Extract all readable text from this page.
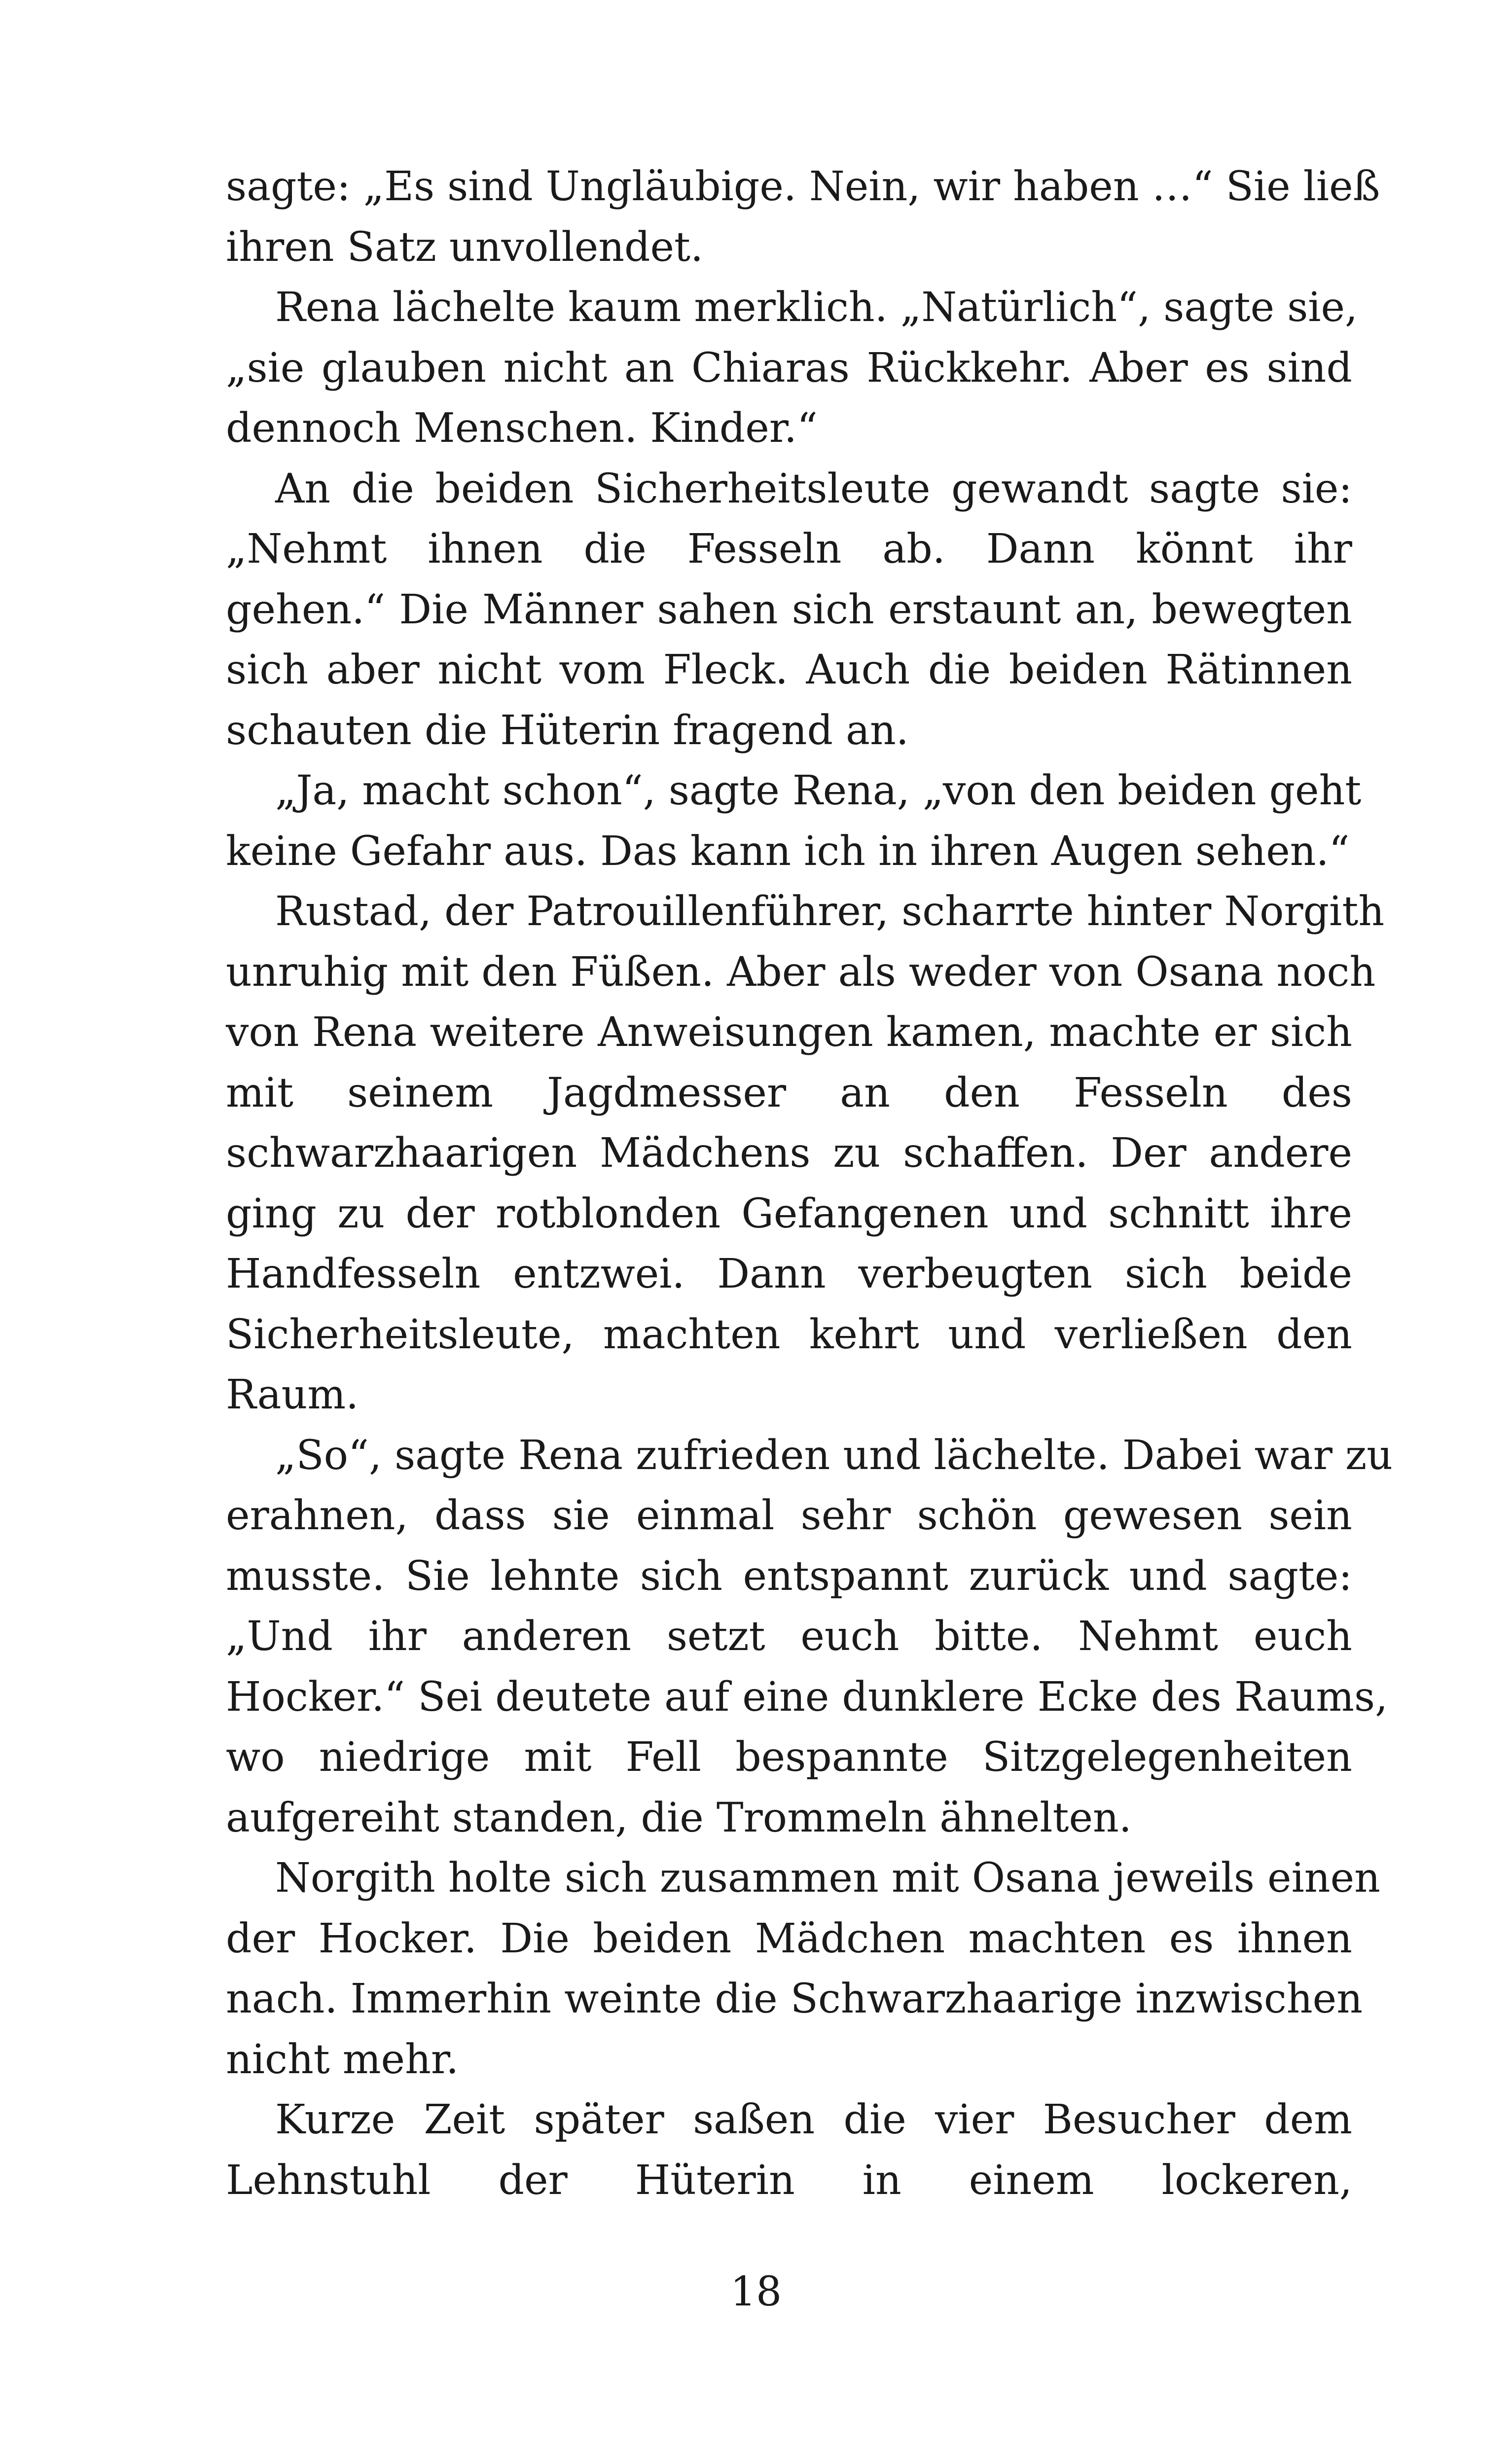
sagte: „Es sind Ungläubige. Nein, wir haben …“ Sie ließ
ihren Satz unvollendet.
Rena lächelte kaum merklich. „Natürlich“, sagte sie,
„sie glauben nicht an Chiaras Rückkehr. Aber es sind
dennoch Menschen. Kinder.“
An die beiden Sicherheitsleute gewandt sagte sie:
„Nehmt ihnen die Fesseln ab. Dann könnt ihr
gehen.“ Die Männer sahen sich erstaunt an, bewegten
sich aber nicht vom Fleck. Auch die beiden Rätinnen
schauten die Hüterin fragend an.
„Ja, macht schon“, sagte Rena, „von den beiden geht
keine Gefahr aus. Das kann ich in ihren Augen sehen.“
Rustad, der Patrouillenführer, scharrte hinter Norgith
unruhig mit den Füßen. Aber als weder von Osana noch
von Rena weitere Anweisungen kamen, machte er sich
mit seinem Jagdmesser an den Fesseln des
schwarzhaarigen Mädchens zu schaffen. Der andere
ging zu der rotblonden Gefangenen und schnitt ihre
Handfesseln entzwei. Dann verbeugten sich beide
Sicherheitsleute, machten kehrt und verließen den
Raum.
„So“, sagte Rena zufrieden und lächelte. Dabei war zu
erahnen, dass sie einmal sehr schön gewesen sein
musste. Sie lehnte sich entspannt zurück und sagte:
„Und ihr anderen setzt euch bitte. Nehmt euch
Hocker.“ Sei deutete auf eine dunklere Ecke des Raums,
wo niedrige mit Fell bespannte Sitzgelegenheiten
aufgereiht standen, die Trommeln ähnelten.
Norgith holte sich zusammen mit Osana jeweils einen
der Hocker. Die beiden Mädchen machten es ihnen
nach. Immerhin weinte die Schwarzhaarige inzwischen
nicht mehr.
Kurze Zeit später saßen die vier Besucher dem
Lehnstuhl der Hüterin in einem lockeren,
18
